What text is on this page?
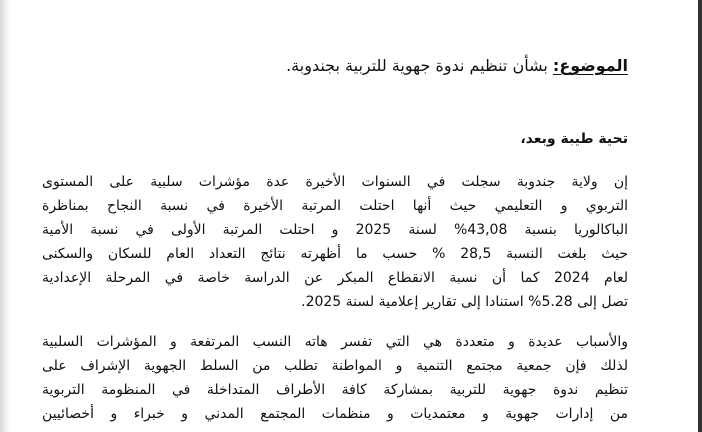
الموضوع: بشأن تنظيم ندوة جهوية للتربية بجندوبة.
تحية طيبة وبعد،
إن ولاية جندوبة سجلت في السنوات الأخيرة عدة مؤشرات سلبية على المستوى
التربوي و التعليمي حيث أنها احتلت المرتبة الأخيرة في نسبة النجاح بمناظرة
الباكالوريا بنسبة 43,08% لسنة 2025 و احتلت المرتبة الأولى في نسبة الأمية
حيث بلغت النسبة 28,5 % حسب ما أظهرته نتائج التعداد العام للسكان والسكنى
لعام 2024 كما أن نسبة الانقطاع المبكر عن الدراسة خاصة في المرحلة الإعدادية
تصل إلى 5.28% استنادا إلى تقارير إعلامية لسنة 2025.
والأسباب عديدة و متعددة هي التي تفسر هاته النسب المرتفعة و المؤشرات السلبية
لذلك فإن جمعية مجتمع التنمية و المواطنة تطلب من السلط الجهوية الإشراف على
تنظيم ندوة جهوية للتربية بمشاركة كافة الأطراف المتداخلة في المنظومة التربوية
من إدارات جهوية و معتمديات و منظمات المجتمع المدني و خبراء و أخصائيين
